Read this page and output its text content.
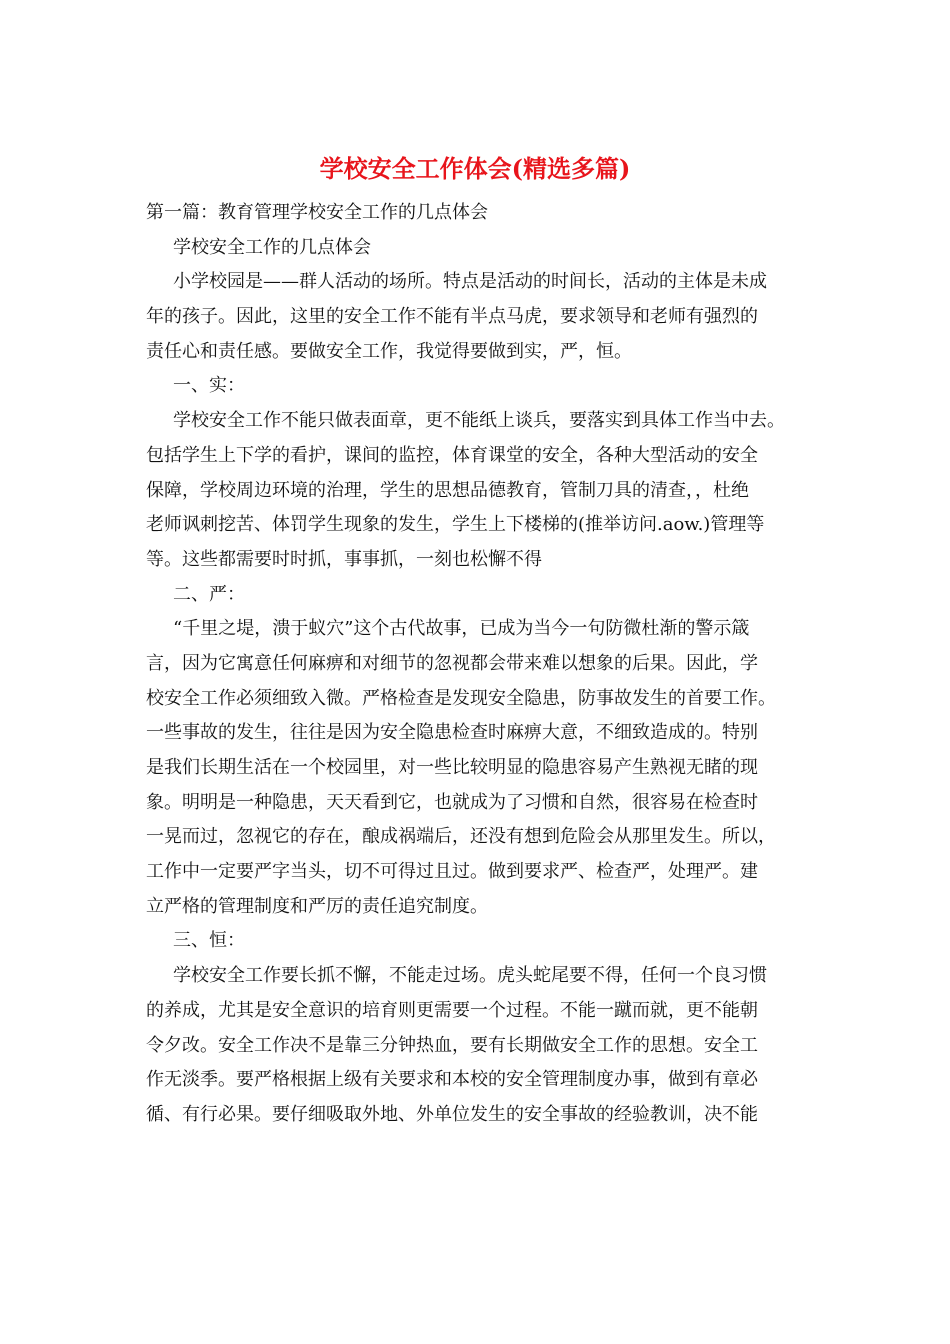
学校安全工作体会(精选多篇)
第一篇：教育管理学校安全工作的几点体会
学校安全工作的几点体会
小学校园是——群人活动的场所。特点是活动的时间长，活动的主体是未成
年的孩子。因此，这里的安全工作不能有半点马虎，要求领导和老师有强烈的
责任心和责任感。要做安全工作，我觉得要做到实，严，恒。
一、实：
学校安全工作不能只做表面章，更不能纸上谈兵，要落实到具体工作当中去。
包括学生上下学的看护，课间的监控，体育课堂的安全，各种大型活动的安全
保障，学校周边环境的治理，学生的思想品德教育，管制刀具的清查，，杜绝
老师讽刺挖苦、体罚学生现象的发生，学生上下楼梯的(推举访问.aow.)管理等
等。这些都需要时时抓，事事抓，一刻也松懈不得
二、严：
“千里之堤，溃于蚁穴”这个古代故事，已成为当今一句防微杜渐的警示箴
言，因为它寓意任何麻痹和对细节的忽视都会带来难以想象的后果。因此，学
校安全工作必须细致入微。严格检查是发现安全隐患，防事故发生的首要工作。
一些事故的发生，往往是因为安全隐患检查时麻痹大意，不细致造成的。特别
是我们长期生活在一个校园里，对一些比较明显的隐患容易产生熟视无睹的现
象。明明是一种隐患，天天看到它，也就成为了习惯和自然，很容易在检查时
一晃而过，忽视它的存在，酿成祸端后，还没有想到危险会从那里发生。所以，
工作中一定要严字当头，切不可得过且过。做到要求严、检查严，处理严。建
立严格的管理制度和严厉的责任追究制度。
三、恒：
学校安全工作要长抓不懈，不能走过场。虎头蛇尾要不得，任何一个良习惯
的养成，尤其是安全意识的培育则更需要一个过程。不能一蹴而就，更不能朝
令夕改。安全工作决不是靠三分钟热血，要有长期做安全工作的思想。安全工
作无淡季。要严格根据上级有关要求和本校的安全管理制度办事，做到有章必
循、有行必果。要仔细吸取外地、外单位发生的安全事故的经验教训，决不能
